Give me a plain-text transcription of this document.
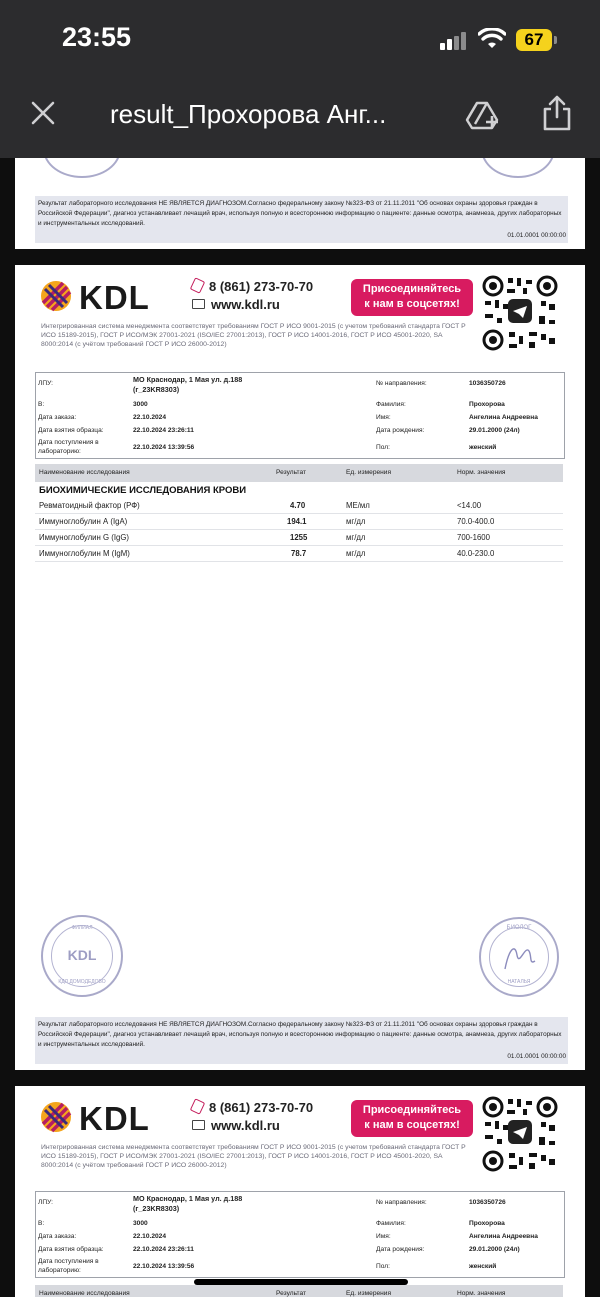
23:55	67
result_Прохорова Анг...
Результат лабораторного исследования НЕ ЯВЛЯЕТСЯ ДИАГНОЗОМ.Согласно федеральному закону №323-ФЗ от 21.11.2011 "Об основах охраны здоровья граждан в Российской Федерации", диагноз устанавливает лечащий врач, используя полную и всестороннюю информацию о пациенте: данные осмотра, анамнеза, других лабораторных и инструментальных исследований.
01.01.0001 00:00:00
KDL	8 (861) 273-70-70
www.kdl.ru
Присоединяйтесь
к нам в соцсетях!
Интегрированная система менеджмента соответствует требованиям ГОСТ Р ИСО 9001-2015 (с учетом требований стандарта ГОСТ Р ИСО 15189-2015), ГОСТ Р ИСО/МЭК 27001-2021 (ISO/IEC 27001:2013), ГОСТ Р ИСО 14001-2016, ГОСТ Р ИСО 45001-2020, SA 8000:2014 (с учётом требований ГОСТ Р ИСО 26000-2012)
ЛПУ:	МО Краснодар, 1 Мая ул. д.188
(г_23KR8303)
№ направления:	1036350726
В:	3000	Фамилия:	Прохорова
Дата заказа:	22.10.2024	Имя:	Ангелина Андреевна
Дата взятия образца:	22.10.2024 23:26:11	Дата рождения:	29.01.2000 (24л)
Дата поступления в
лабораторию:
22.10.2024 13:39:56	Пол:	женский
Наименование исследования	Результат	Ед. измерения	Норм. значения
БИОХИМИЧЕСКИЕ ИССЛЕДОВАНИЯ КРОВИ
Ревматоидный фактор (РФ)	4.70	МЕ/мл	<14.00
Иммуноглобулин А (IgA)	194.1	мг/дл	70.0-400.0
Иммуноглобулин G (IgG)	1255	мг/дл	700-1600
Иммуноглобулин М (IgM)	78.7	мг/дл	40.0-230.0
ФИЛИАЛ
KDL
КДЛ ДОМОДЕДОВО
БИОЛОГ
НАТАЛЬЯ
Результат лабораторного исследования НЕ ЯВЛЯЕТСЯ ДИАГНОЗОМ.Согласно федеральному закону №323-ФЗ от 21.11.2011 "Об основах охраны здоровья граждан в Российской Федерации", диагноз устанавливает лечащий врач, используя полную и всестороннюю информацию о пациенте: данные осмотра, анамнеза, других лабораторных и инструментальных исследований.
01.01.0001 00:00:00
KDL	8 (861) 273-70-70
www.kdl.ru
Присоединяйтесь
к нам в соцсетях!
Интегрированная система менеджмента соответствует требованиям ГОСТ Р ИСО 9001-2015 (с учетом требований стандарта ГОСТ Р ИСО 15189-2015), ГОСТ Р ИСО/МЭК 27001-2021 (ISO/IEC 27001:2013), ГОСТ Р ИСО 14001-2016, ГОСТ Р ИСО 45001-2020, SA 8000:2014 (с учётом требований ГОСТ Р ИСО 26000-2012)
ЛПУ:	МО Краснодар, 1 Мая ул. д.188
(г_23KR8303)
№ направления:	1036350726
В:	3000	Фамилия:	Прохорова
Дата заказа:	22.10.2024	Имя:	Ангелина Андреевна
Дата взятия образца:	22.10.2024 23:26:11	Дата рождения:	29.01.2000 (24л)
Дата поступления в
лабораторию:
22.10.2024 13:39:56	Пол:	женский
Наименование исследования	Результат	Ед. измерения	Норм. значения
